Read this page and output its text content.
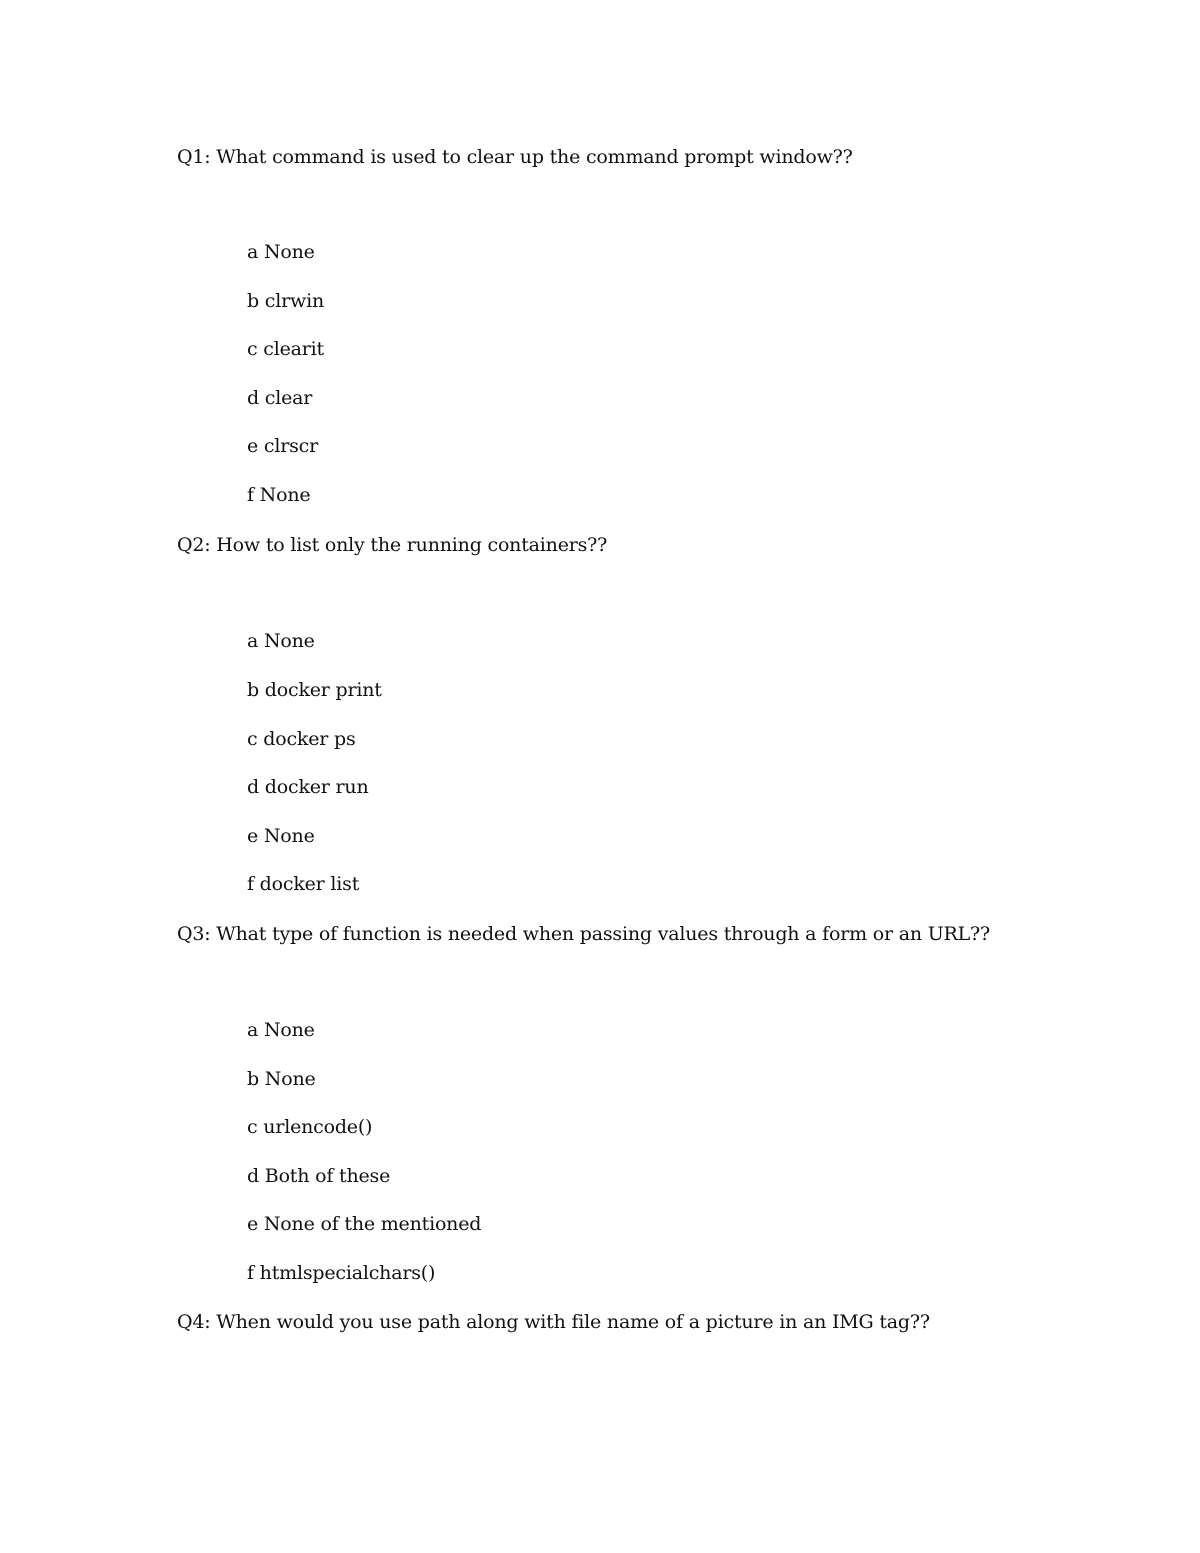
Q1: What command is used to clear up the command prompt window??
a None
b clrwin
c clearit
d clear
e clrscr
f None
Q2: How to list only the running containers??
a None
b docker print
c docker ps
d docker run
e None
f docker list
Q3: What type of function is needed when passing values through a form or an URL??
a None
b None
c urlencode()
d Both of these
e None of the mentioned
f htmlspecialchars()
Q4: When would you use path along with file name of a picture in an IMG tag??
